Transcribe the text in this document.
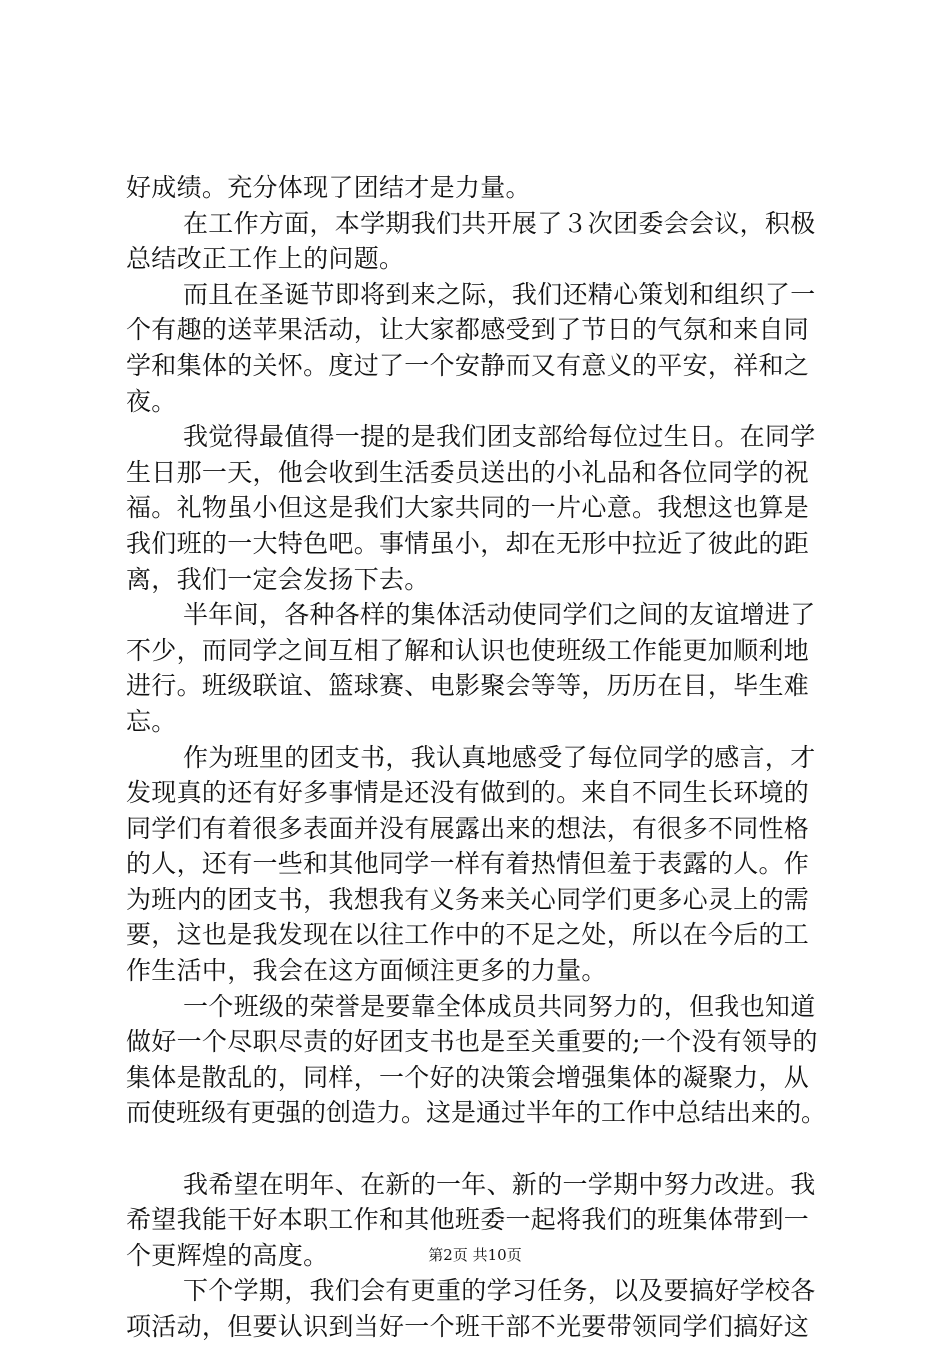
好成绩。充分体现了团结才是力量。
在工作方面，本学期我们共开展了３次团委会会议，积极
总结改正工作上的问题。
而且在圣诞节即将到来之际，我们还精心策划和组织了一
个有趣的送苹果活动，让大家都感受到了节日的气氛和来自同
学和集体的关怀。度过了一个安静而又有意义的平安，祥和之
夜。
我觉得最值得一提的是我们团支部给每位过生日。在同学
生日那一天，他会收到生活委员送出的小礼品和各位同学的祝
福。礼物虽小但这是我们大家共同的一片心意。我想这也算是
我们班的一大特色吧。事情虽小，却在无形中拉近了彼此的距
离，我们一定会发扬下去。
半年间，各种各样的集体活动使同学们之间的友谊增进了
不少，而同学之间互相了解和认识也使班级工作能更加顺利地
进行。班级联谊、篮球赛、电影聚会等等，历历在目，毕生难
忘。
作为班里的团支书，我认真地感受了每位同学的感言，才
发现真的还有好多事情是还没有做到的。来自不同生长环境的
同学们有着很多表面并没有展露出来的想法，有很多不同性格
的人，还有一些和其他同学一样有着热情但羞于表露的人。作
为班内的团支书，我想我有义务来关心同学们更多心灵上的需
要，这也是我发现在以往工作中的不足之处，所以在今后的工
作生活中，我会在这方面倾注更多的力量。
一个班级的荣誉是要靠全体成员共同努力的，但我也知道
做好一个尽职尽责的好团支书也是至关重要的;一个没有领导的
集体是散乱的，同样，一个好的决策会增强集体的凝聚力，从
而使班级有更强的创造力。这是通过半年的工作中总结出来的。
我希望在明年、在新的一年、新的一学期中努力改进。我
希望我能干好本职工作和其他班委一起将我们的班集体带到一
个更辉煌的高度。
下个学期，我们会有更重的学习任务，以及要搞好学校各
项活动，但要认识到当好一个班干部不光要带领同学们搞好这
第2页 共10页
